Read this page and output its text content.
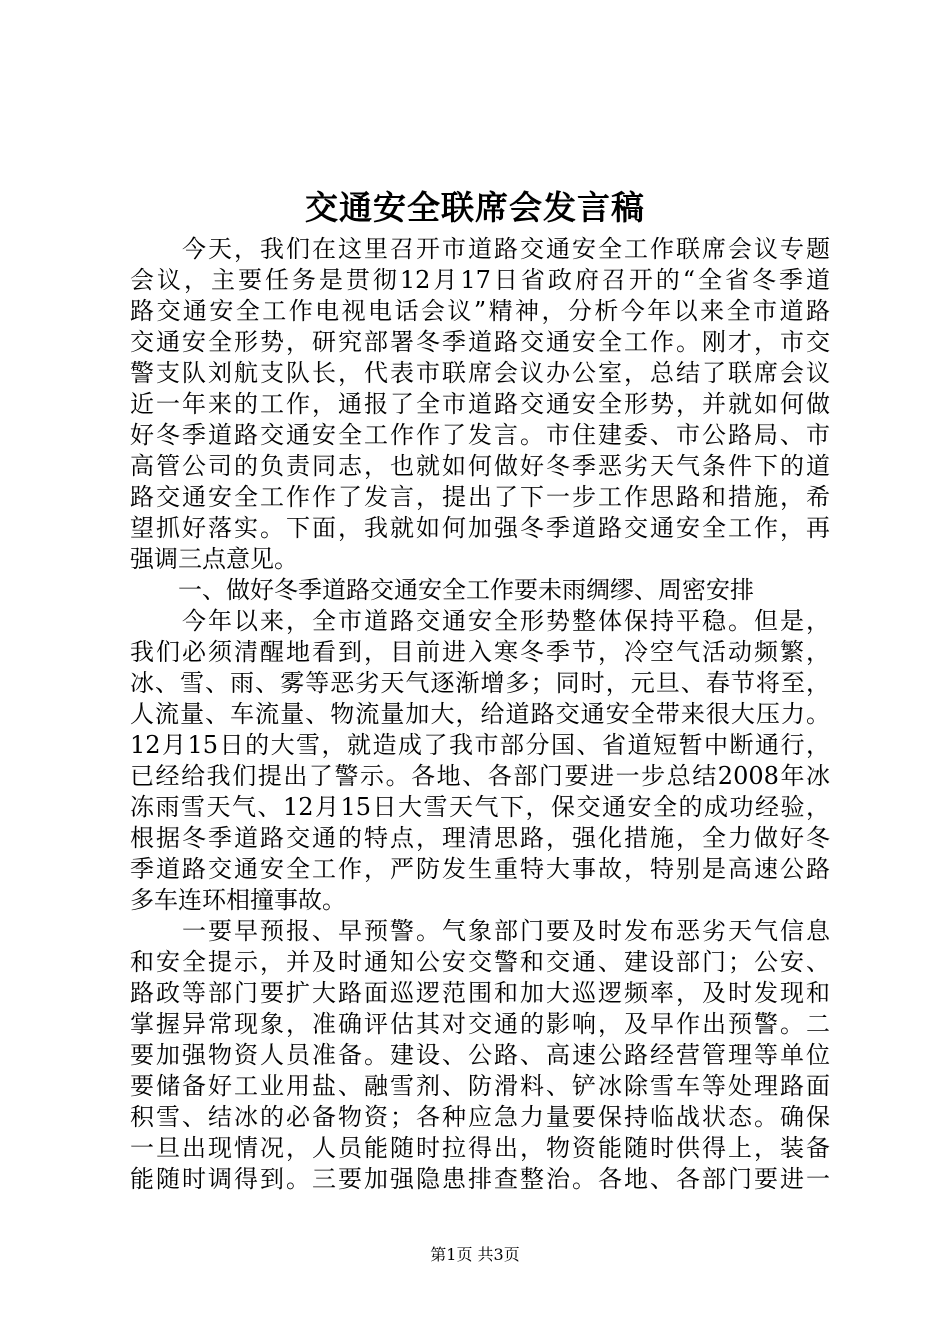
交通安全联席会发言稿
　　今天，我们在这里召开市道路交通安全工作联席会议专题
会议，主要任务是贯彻12月17日省政府召开的“全省冬季道
路交通安全工作电视电话会议”精神，分析今年以来全市道路
交通安全形势，研究部署冬季道路交通安全工作。刚才，市交
警支队刘航支队长，代表市联席会议办公室，总结了联席会议
近一年来的工作，通报了全市道路交通安全形势，并就如何做
好冬季道路交通安全工作作了发言。市住建委、市公路局、市
高管公司的负责同志，也就如何做好冬季恶劣天气条件下的道
路交通安全工作作了发言，提出了下一步工作思路和措施，希
望抓好落实。下面，我就如何加强冬季道路交通安全工作，再
强调三点意见。
　　一、做好冬季道路交通安全工作要未雨绸缪、周密安排
　　今年以来，全市道路交通安全形势整体保持平稳。但是，
我们必须清醒地看到，目前进入寒冬季节，冷空气活动频繁，
冰、雪、雨、雾等恶劣天气逐渐增多；同时，元旦、春节将至，
人流量、车流量、物流量加大，给道路交通安全带来很大压力。
12月15日的大雪，就造成了我市部分国、省道短暂中断通行，
已经给我们提出了警示。各地、各部门要进一步总结2008年冰
冻雨雪天气、12月15日大雪天气下，保交通安全的成功经验，
根据冬季道路交通的特点，理清思路，强化措施，全力做好冬
季道路交通安全工作，严防发生重特大事故，特别是高速公路
多车连环相撞事故。
　　一要早预报、早预警。气象部门要及时发布恶劣天气信息
和安全提示，并及时通知公安交警和交通、建设部门；公安、
路政等部门要扩大路面巡逻范围和加大巡逻频率，及时发现和
掌握异常现象，准确评估其对交通的影响，及早作出预警。二
要加强物资人员准备。建设、公路、高速公路经营管理等单位
要储备好工业用盐、融雪剂、防滑料、铲冰除雪车等处理路面
积雪、结冰的必备物资；各种应急力量要保持临战状态。确保
一旦出现情况，人员能随时拉得出，物资能随时供得上，装备
能随时调得到。三要加强隐患排查整治。各地、各部门要进一
第1页 共3页
